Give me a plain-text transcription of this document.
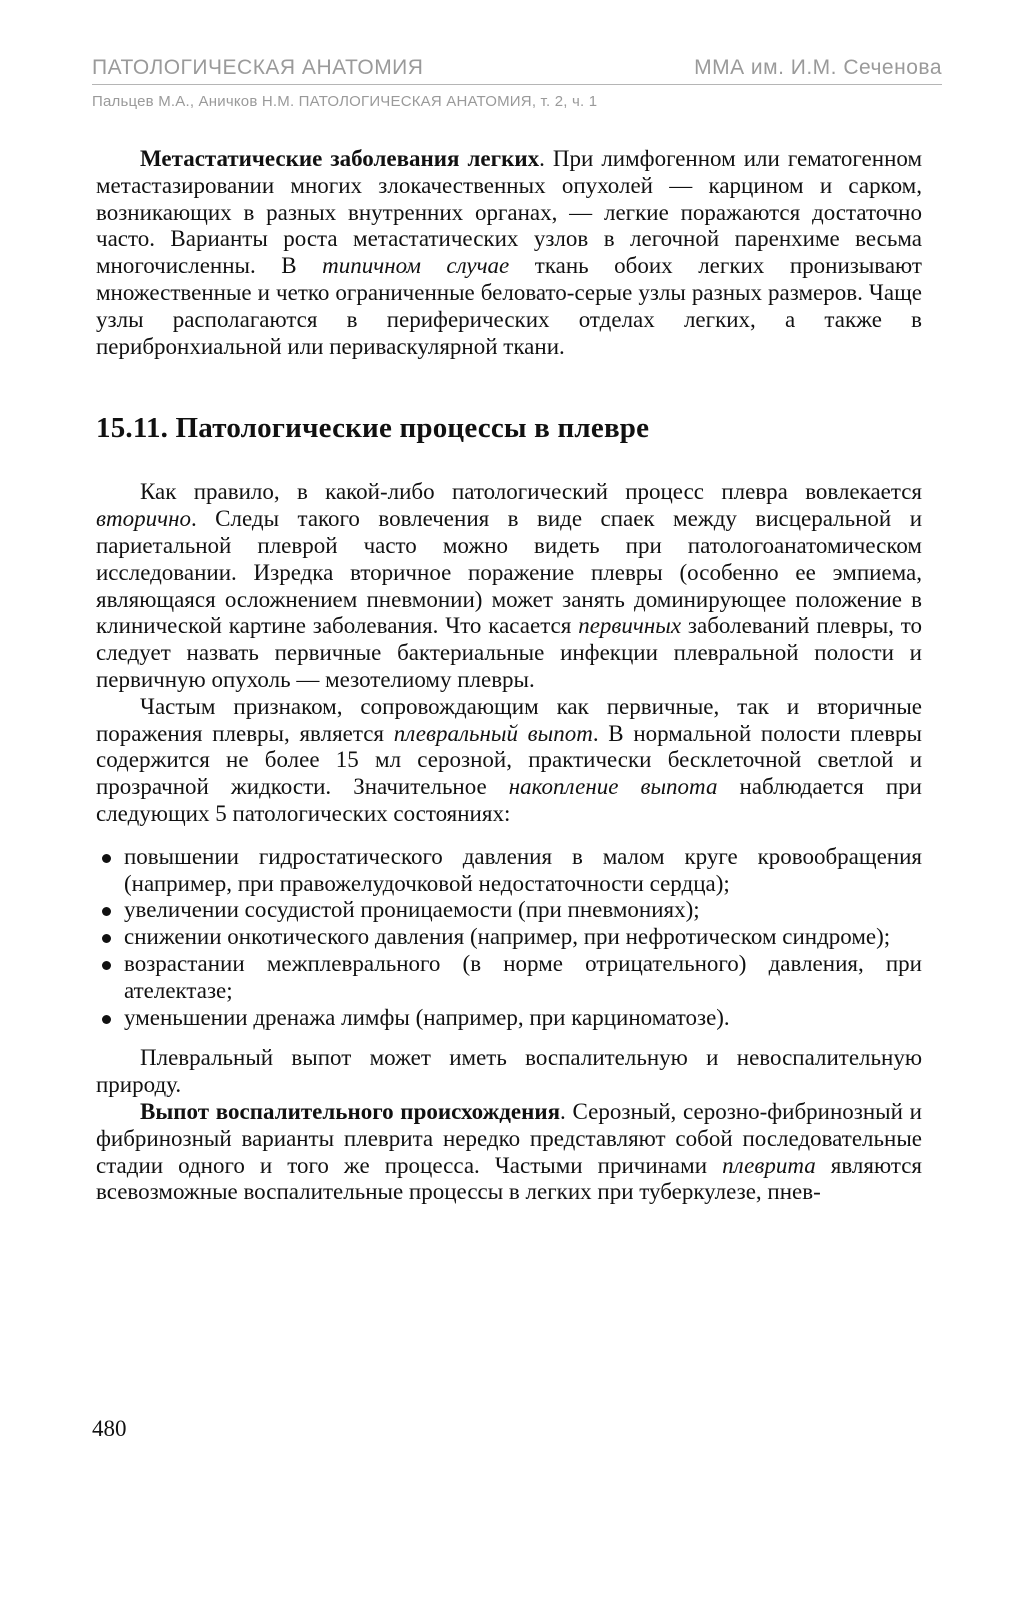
ПАТОЛОГИЧЕСКАЯ АНАТОМИЯ	ММА им. И.М. Сеченова
Пальцев М.А., Аничков Н.М. ПАТОЛОГИЧЕСКАЯ АНАТОМИЯ, т. 2, ч. 1

Метастатические заболевания легких. При лимфогенном или гематогенном метастазировании многих злокачественных опухолей — карцином и сарком, возникающих в разных внутренних органах, — легкие поражаются достаточно часто. Варианты роста метастатических узлов в легочной паренхиме весьма многочисленны. В типичном случае ткань обоих легких пронизывают множественные и четко ограниченные беловато-серые узлы разных размеров. Чаще узлы располагаются в периферических отделах легких, а также в перибронхиальной или периваскулярной ткани.

15.11. Патологические процессы в плевре

Как правило, в какой-либо патологический процесс плевра вовлекается вторично. Следы такого вовлечения в виде спаек между висцеральной и париетальной плеврой часто можно видеть при патологоанатомическом исследовании. Изредка вторичное поражение плевры (особенно ее эмпиема, являющаяся осложнением пневмонии) может занять доминирующее положение в клинической картине заболевания. Что касается первичных заболеваний плевры, то следует назвать первичные бактериальные инфекции плевральной полости и первичную опухоль — мезотелиому плевры.

Частым признаком, сопровождающим как первичные, так и вторичные поражения плевры, является плевральный выпот. В нормальной полости плевры содержится не более 15 мл серозной, практически бесклеточной светлой и прозрачной жидкости. Значительное накопление выпота наблюдается при следующих 5 патологических состояниях:

повышении гидростатического давления в малом круге кровообращения (например, при правожелудочковой недостаточности сердца);
увеличении сосудистой проницаемости (при пневмониях);
снижении онкотического давления (например, при нефротическом синдроме);
возрастании межплеврального (в норме отрицательного) давления, при ателектазе;
уменьшении дренажа лимфы (например, при карциноматозе).

Плевральный выпот может иметь воспалительную и невоспалительную природу.

Выпот воспалительного происхождения. Серозный, серозно-фибринозный и фибринозный варианты плеврита нередко представляют собой последовательные стадии одного и того же процесса. Частыми причинами плеврита являются всевозможные воспалительные процессы в легких при туберкулезе, пнев-

480
